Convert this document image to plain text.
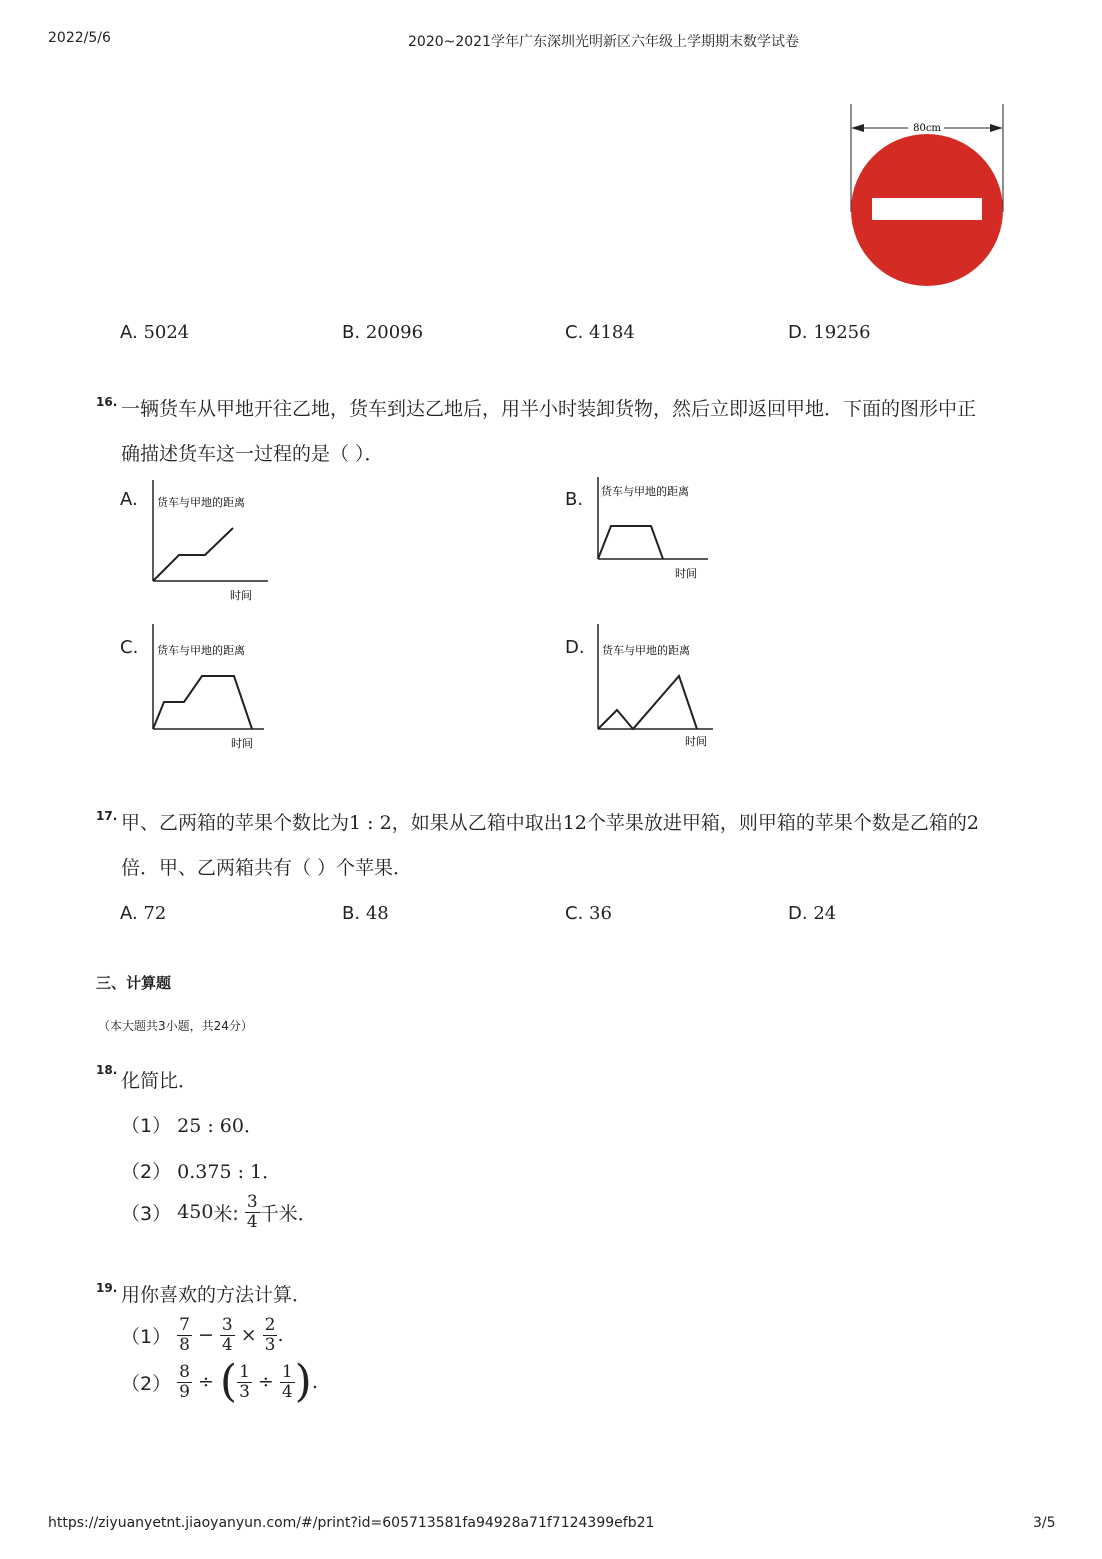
2022/5/6	2020~2021学年广东深圳光明新区六年级上学期期末数学试卷
80cm
A. 5024	B. 20096	C. 4184	D. 19256
16. 一辆货车从甲地开往乙地，货车到达乙地后，用半小时装卸货物，然后立即返回甲地．下面的图形中正
确描述货车这一过程的是（ ）．
A. 货车与甲地的距离
时间
B. 货车与甲地的距离
时间
C. 货车与甲地的距离
时间
D. 货车与甲地的距离
时间
17. 甲、乙两箱的苹果个数比为1 : 2，如果从乙箱中取出12个苹果放进甲箱，则甲箱的苹果个数是乙箱的2
倍．甲、乙两箱共有（ ）个苹果．
A. 72	B. 48	C. 36	D. 24
三、计算题
（本大题共3小题，共24分）
18. 化简比．
（1） 25 : 60．
（2） 0.375 : 1．
（3）
450 米:
$\frac{3}{4}$ 千米．
19. 用你喜欢的方法计算．
（1）
$\frac{7}{8} - \frac{3}{4} \times \frac{2}{3}$ .
（2）
$\frac{8}{9}$ ÷ ( $\frac{1}{3} \div \frac{1}{4}$ ) .
https://ziyuanyetnt.jiaoyanyun.com/#/print?id=605713581fa94928a71f7124399efb21	3/5
